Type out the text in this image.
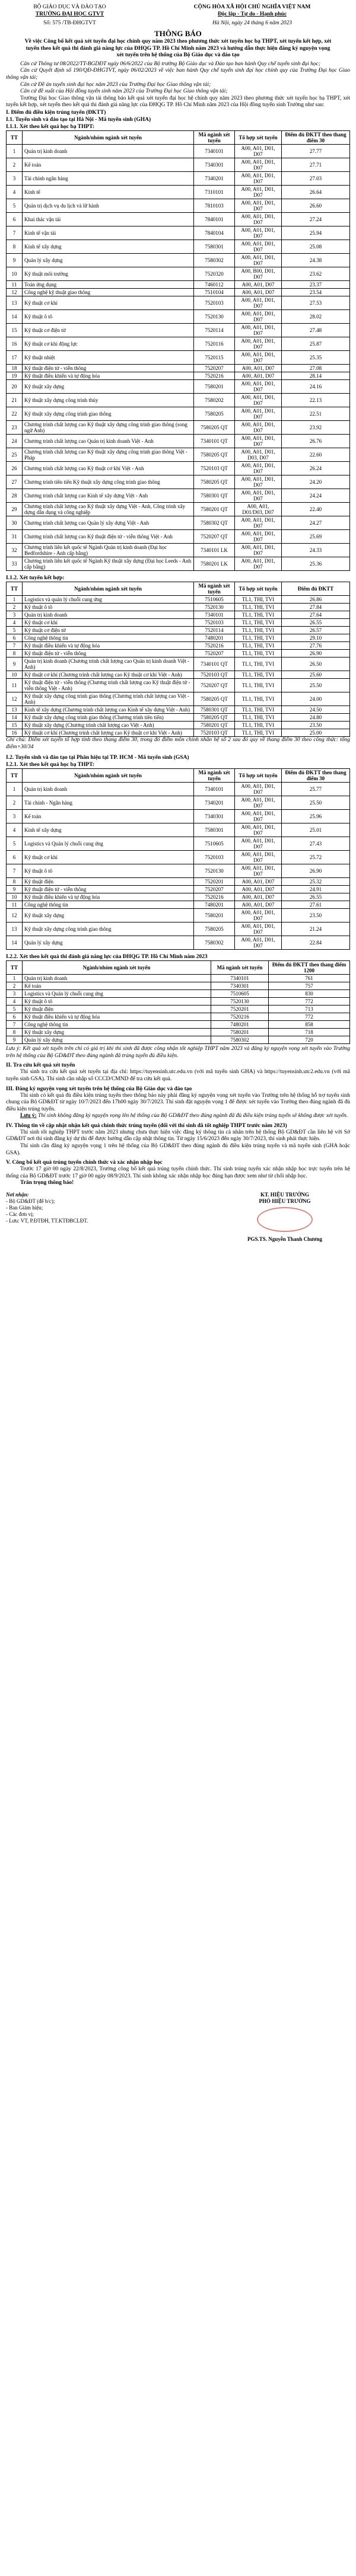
BỘ GIÁO DỤC VÀ ĐÀO TẠO
TRƯỜNG ĐẠI HỌC GTVT
Số: 575 /TB-ĐHGTVT
CỘNG HÒA XÃ HỘI CHỦ NGHĨA VIỆT NAM
Độc lập - Tự do - Hạnh phúc
Hà Nội, ngày 24 tháng 6 năm 2023
THÔNG BÁO

Về việc Công bố kết quả xét tuyển đại học chính quy năm 2023 theo phương thức xét tuyển học bạ THPT, xét tuyển kết hợp, xét tuyển theo kết quả thi đánh giá năng lực của ĐHQG TP. Hồ Chí Minh năm 2023 và hướng dẫn thực hiện đăng ký nguyện vọng xét tuyển trên hệ thống của Bộ Giáo dục và đào tạo

Căn cứ Thông tư 08/2022/TT-BGDĐT ngày 06/6/2022 của Bộ trưởng Bộ Giáo dục và Đào tạo ban hành Quy chế tuyển sinh đại học;

Căn cứ Quyết định số 190/QĐ-ĐHGTVT, ngày 06/02/2023 về việc ban hành Quy chế tuyển sinh đại học chính quy của Trường Đại học Giao thông vận tải;

Căn cứ Đề án tuyển sinh đại học năm 2023 của Trường Đại học Giao thông vận tải;

Căn cứ đề xuất của Hội đồng tuyển sinh năm 2023 của Trường Đại học Giao thông vận tải;

Trường Đại học Giao thông vận tải thông báo kết quả xét tuyển đại học hệ chính quy năm 2023 theo phương thức xét tuyển học bạ THPT, xét tuyển kết hợp, xét tuyển theo kết quả thi đánh giá năng lực của ĐHQG TP. Hồ Chí Minh năm 2023 của Hội đồng tuyển sinh Trường như sau:

I. Điểm đủ điều kiện trúng tuyển (ĐKTT)
I.1. Tuyển sinh và đào tạo tại Hà Nội - Mã tuyển sinh (GHA)
I.1.1. Xét theo kết quả học bạ THPT:
TT	Ngành/nhóm ngành xét tuyển	Mã ngành xét tuyển	Tổ hợp xét tuyển	Điểm đủ ĐKTT theo thang điểm 30
1	Quản trị kinh doanh	7340101	A00, A01, D01, D07	27.77
2	Kế toán	7340301	A00, A01, D01, D07	27.71
3	Tài chính ngân hàng	7340201	A00, A01, D01, D07	27.03
4	Kinh tế	7310101	A00, A01, D01, D07	26.64
5	Quản trị dịch vụ du lịch và lữ hành	7810103	A00, A01, D01, D07	26.60
6	Khai thác vận tải	7840101	A00, A01, D01, D07	27.24
7	Kinh tế vận tải	7840104	A00, A01, D01, D07	25.94
8	Kinh tế xây dựng	7580301	A00, A01, D01, D07	25.08
9	Quản lý xây dựng	7580302	A00, A01, D01, D07	24.38
10	Kỹ thuật môi trường	7520320	A00, B00, D01, D07	23.62
11	Toán ứng dụng	7460112	A00, A01, D07	23.37
12	Công nghệ kỹ thuật giao thông	7510104	A00, A01, D07	23.54
13	Kỹ thuật cơ khí	7520103	A00, A01, D01, D07	27.53
14	Kỹ thuật ô tô	7520130	A00, A01, D01, D07	28.02
15	Kỹ thuật cơ điện tử	7520114	A00, A01, D01, D07	27.48
16	Kỹ thuật cơ khí động lực	7520116	A00, A01, D01, D07	25.87
17	Kỹ thuật nhiệt	7520115	A00, A01, D01, D07	25.35
18	Kỹ thuật điện tử - viễn thông	7520207	A00, A01, D07	27.08
19	Kỹ thuật điều khiển và tự động hóa	7520216	A00, A01, D07	28.14
20	Kỹ thuật xây dựng	7580201	A00, A01, D01, D07	24.16
21	Kỹ thuật xây dựng công trình thủy	7580202	A00, A01, D01, D07	22.13
22	Kỹ thuật xây dựng công trình giao thông	7580205	A00, A01, D01, D07	22.51
23	Chương trình chất lượng cao Kỹ thuật xây dựng công trình giao thông (song ngữ Anh)	7580205 QT	A00, A01, D01, D07	23.92
24	Chương trình chất lượng cao Quản trị kinh doanh Việt - Anh	7340101 QT	A00, A01, D01, D07	26.76
25	Chương trình chất lượng cao Kỹ thuật xây dựng công trình giao thông Việt - Pháp	7580205 QT	A00, A01, D01, D03, D07	22.60
26	Chương trình chất lượng cao Kỹ thuật cơ khí Việt - Anh	7520103 QT	A00, A01, D01, D07	26.24
27	Chương trình tiên tiến Kỹ thuật xây dựng công trình giao thông	7580205 QT	A00, A01, D01, D07	24.20
28	Chương trình chất lượng cao Kinh tế xây dựng Việt - Anh	7580301 QT	A00, A01, D01, D07	24.24
29	Chương trình chất lượng cao Kỹ thuật xây dựng Việt - Anh, Công trình xây dựng dân dụng và công nghiệp	7580201 QT	A00, A01, D01/D03, D07	22.40
30	Chương trình chất lượng cao Quản lý xây dựng Việt - Anh	7580302 QT	A00, A01, D01, D07	24.27
31	Chương trình chất lượng cao Kỹ thuật điện tử - viễn thông Việt - Anh	7520207 QT	A00, A01, D01, D07	25.69
32	Chương trình liên kết quốc tế Ngành Quản trị kinh doanh (Đại học Bedfordshire - Anh cấp bằng)	7340101 LK	A00, A01, D01, D07	24.33
33	Chương trình liên kết quốc tế Ngành Kỹ thuật xây dựng (Đại học Leeds - Anh cấp bằng)	7580201 LK	A00, A01, D01, D07	25.36
I.1.2. Xét tuyển kết hợp:
TT	Ngành/nhóm ngành xét tuyển	Mã ngành xét tuyển	Tổ hợp xét tuyển	Điểm đủ ĐKTT
1	Logistics và quản lý chuỗi cung ứng	7510605	TL1, THI, TVI	26.86
2	Kỹ thuật ô tô	7520130	TL1, THI, TVI	27.84
3	Quản trị kinh doanh	7340101	TL1, THI, TVI	27.64
4	Kỹ thuật cơ khí	7520103	TL1, THI, TVI	26.55
5	Kỹ thuật cơ điện tử	7520114	TL1, THI, TVI	26.57
6	Công nghệ thông tin	7480201	TL1, THI, TVI	29.10
7	Kỹ thuật điều khiển và tự động hóa	7520216	TL1, THI, TVI	27.76
8	Kỹ thuật điện tử - viễn thông	7520207	TL1, THI, TVI	26.90
9	Quản trị kinh doanh (Chương trình chất lượng cao Quản trị kinh doanh Việt - Anh)	7340101 QT	TL1, THI, TVI	26.50
10	Kỹ thuật cơ khí (Chương trình chất lượng cao Kỹ thuật cơ khí Việt - Anh)	7520103 QT	TL1, THI, TVI	25.60
11	Kỹ thuật điện tử - viễn thông (Chương trình chất lượng cao Kỹ thuật điện tử - viễn thông Việt - Anh)	7520207 QT	TL1, THI, TVI	25.50
12	Kỹ thuật xây dựng công trình giao thông (Chương trình chất lượng cao Việt - Anh)	7580205 QT	TL1, THI, TVI	24.00
13	Kinh tế xây dựng (Chương trình chất lượng cao Kinh tế xây dựng Việt - Anh)	7580301 QT	TL1, THI, TVI	24.50
14	Kỹ thuật xây dựng công trình giao thông (Chương trình tiên tiến)	7580205 QT	TL1, THI, TVI	24.80
15	Kỹ thuật xây dựng (Chương trình chất lượng cao Việt - Anh)	7580201 QT	TL1, THI, TVI	23.50
16	Kỹ thuật cơ khí (Chương trình chất lượng cao Kỹ thuật cơ khí Việt - Anh)	7520103 QT	TL1, THI, TVI	25.00

Ghi chú: Điểm xét tuyển tổ hợp tính theo thang điểm 30, trong đó điểm môn chính nhân hệ số 2 sau đó quy về thang điểm 30 theo công thức: tổng điểm×30/34

I.2. Tuyển sinh và đào tạo tại Phân hiệu tại TP. HCM - Mã tuyển sinh (GSA)
I.2.1. Xét theo kết quả học bạ THPT:
TT	Ngành/nhóm ngành xét tuyển	Mã ngành xét tuyển	Tổ hợp xét tuyển	Điểm đủ ĐKTT theo thang điểm 30
1	Quản trị kinh doanh	7340101	A00, A01, D01, D07	25.77
2	Tài chính - Ngân hàng	7340201	A00, A01, D01, D07	25.50
3	Kế toán	7340301	A00, A01, D01, D07	25.96
4	Kinh tế xây dựng	7580301	A00, A01, D01, D07	25.01
5	Logistics và Quản lý chuỗi cung ứng	7510605	A00, A01, D01, D07	27.43
6	Kỹ thuật cơ khí	7520103	A00, A01, D01, D07	25.72
7	Kỹ thuật ô tô	7520130	A00, A01, D01, D07	26.90
8	Kỹ thuật điện	7520201	A00, A01, D07	25.32
9	Kỹ thuật điện tử - viễn thông	7520207	A00, A01, D07	24.91
10	Kỹ thuật điều khiển và tự động hóa	7520216	A00, A01, D07	26.55
11	Công nghệ thông tin	7480201	A00, A01, D07	27.61
12	Kỹ thuật xây dựng	7580201	A00, A01, D01, D07	23.50
13	Kỹ thuật xây dựng công trình giao thông	7580205	A00, A01, D01, D07	21.24
14	Quản lý xây dựng	7580302	A00, A01, D01, D07	22.84
I.2.2. Xét theo kết quả thi đánh giá năng lực của ĐHQG TP. Hồ Chí Minh năm 2023
TT	Ngành/nhóm ngành xét tuyển	Mã ngành xét tuyển	Điểm đủ ĐKTT theo thang điểm 1200
1	Quản trị kinh doanh	7340101	761
2	Kế toán	7340301	757
3	Logistics và Quản lý chuỗi cung ứng	7510605	830
4	Kỹ thuật ô tô	7520130	772
5	Kỹ thuật điện	7520201	713
6	Kỹ thuật điều khiển và tự động hóa	7520216	772
7	Công nghệ thông tin	7480201	858
8	Kỹ thuật xây dựng	7580201	718
9	Quản lý xây dựng	7580302	720

Lưu ý: Kết quả xét tuyển trên chỉ có giá trị khi thí sinh đã được công nhận tốt nghiệp THPT năm 2023 và đăng ký nguyện vọng xét tuyển vào Trường trên hệ thống của Bộ GD&ĐT theo đúng ngành đã trúng tuyển đủ điều kiện.

II. Tra cứu kết quả xét tuyển

Thí sinh tra cứu kết quả xét tuyển tại địa chỉ: https://tuyensinh.utc.edu.vn (với mã tuyển sinh GHA) và https://tuyensinh.utc2.edu.vn (với mã tuyển sinh GSA). Thí sinh cần nhập số CCCD/CMND để tra cứu kết quả.

III. Đăng ký nguyện vọng xét tuyển trên hệ thống của Bộ Giáo dục và đào tạo

Thí sinh có kết quả đủ điều kiện trúng tuyển theo thông báo này phải đăng ký nguyện vọng xét tuyển vào Trường trên hệ thống hỗ trợ tuyển sinh chung của Bộ GD&ĐT từ ngày 10/7/2023 đến 17h00 ngày 30/7/2023. Thí sinh đặt nguyện vọng 1 để được xét tuyển vào Trường theo đúng ngành đã đủ điều kiện trúng tuyển.

Lưu ý: Thí sinh không đăng ký nguyện vọng lên hệ thống của Bộ GD&ĐT theo đúng ngành đã đủ điều kiện trúng tuyển sẽ không được xét tuyển.

IV. Thông tin về cập nhật nhận kết quả chính thức trúng tuyển (đối với thí sinh đã tốt nghiệp THPT trước năm 2023)

Thí sinh tốt nghiệp THPT trước năm 2023 nhưng chưa thực hiện việc đăng ký thông tin cá nhân trên hệ thống Bộ GD&ĐT cần liên hệ với Sở GD&ĐT nơi thí sinh đăng ký dự thi để được hướng dẫn cập nhật thông tin. Từ ngày 15/6/2023 đến ngày 30/7/2023, thí sinh phải thực hiện.

Thí sinh cần đăng ký nguyện vọng 1 trên hệ thống của Bộ GD&ĐT theo đúng ngành đủ điều kiện trúng tuyển và mã tuyển sinh (GHA hoặc GSA).

V. Công bố kết quả trúng tuyển chính thức và xác nhận nhập học

Trước 17 giờ 00 ngày 22/8/2023, Trường công bố kết quả trúng tuyển chính thức. Thí sinh trúng tuyển xác nhận nhập học trực tuyến trên hệ thống của Bộ GD&ĐT trước 17 giờ 00 ngày 08/9/2023. Thí sinh không xác nhận nhập học đúng hạn được xem như từ chối nhập học.

Trân trọng thông báo!

Nơi nhận:
- Bộ GD&ĐT (để b/c);
- Ban Giám hiệu;
- Các đơn vị;
- Lưu: VT, P.ĐTĐH, TT.KTĐBCLĐT.
KT. HIỆU TRƯỞNG
PHÓ HIỆU TRƯỞNG
PGS.TS. Nguyễn Thanh Chương
